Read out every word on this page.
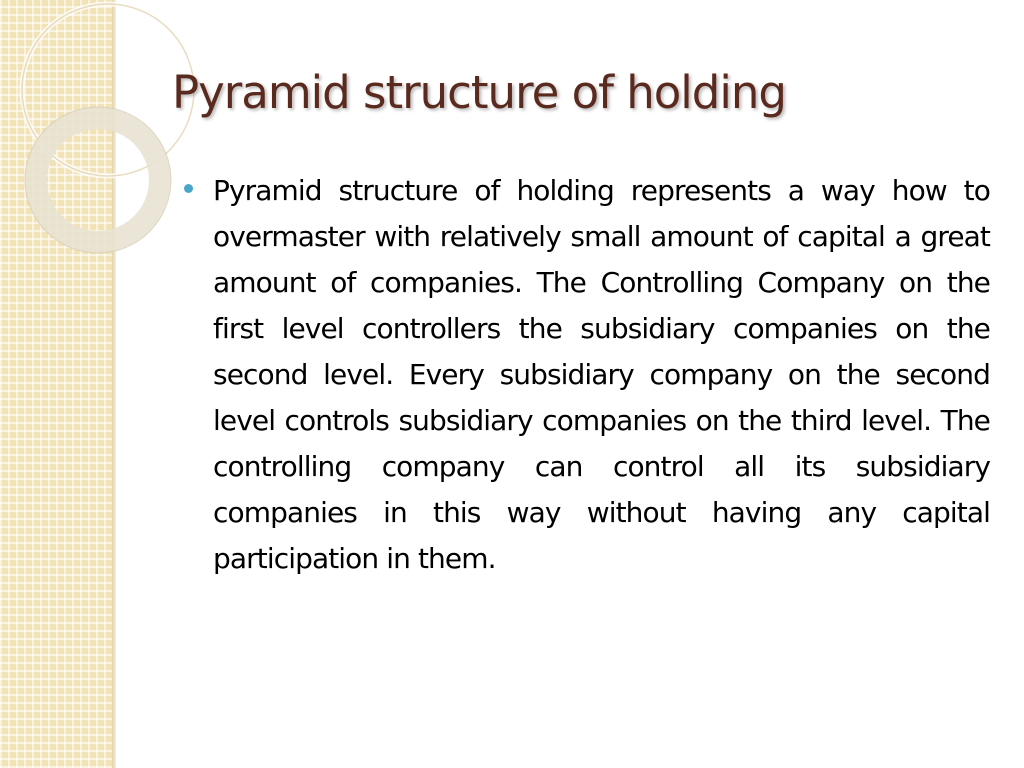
Pyramid structure of holding

Pyramid structure of holding represents a way how to overmaster with relatively small amount of capital a great amount of companies. The Controlling Company on the first level controllers the subsidiary companies on the second level. Every subsidiary company on the second level controls subsidiary companies on the third level. The controlling company can control all its subsidiary companies in this way without having any capital participation in them.
